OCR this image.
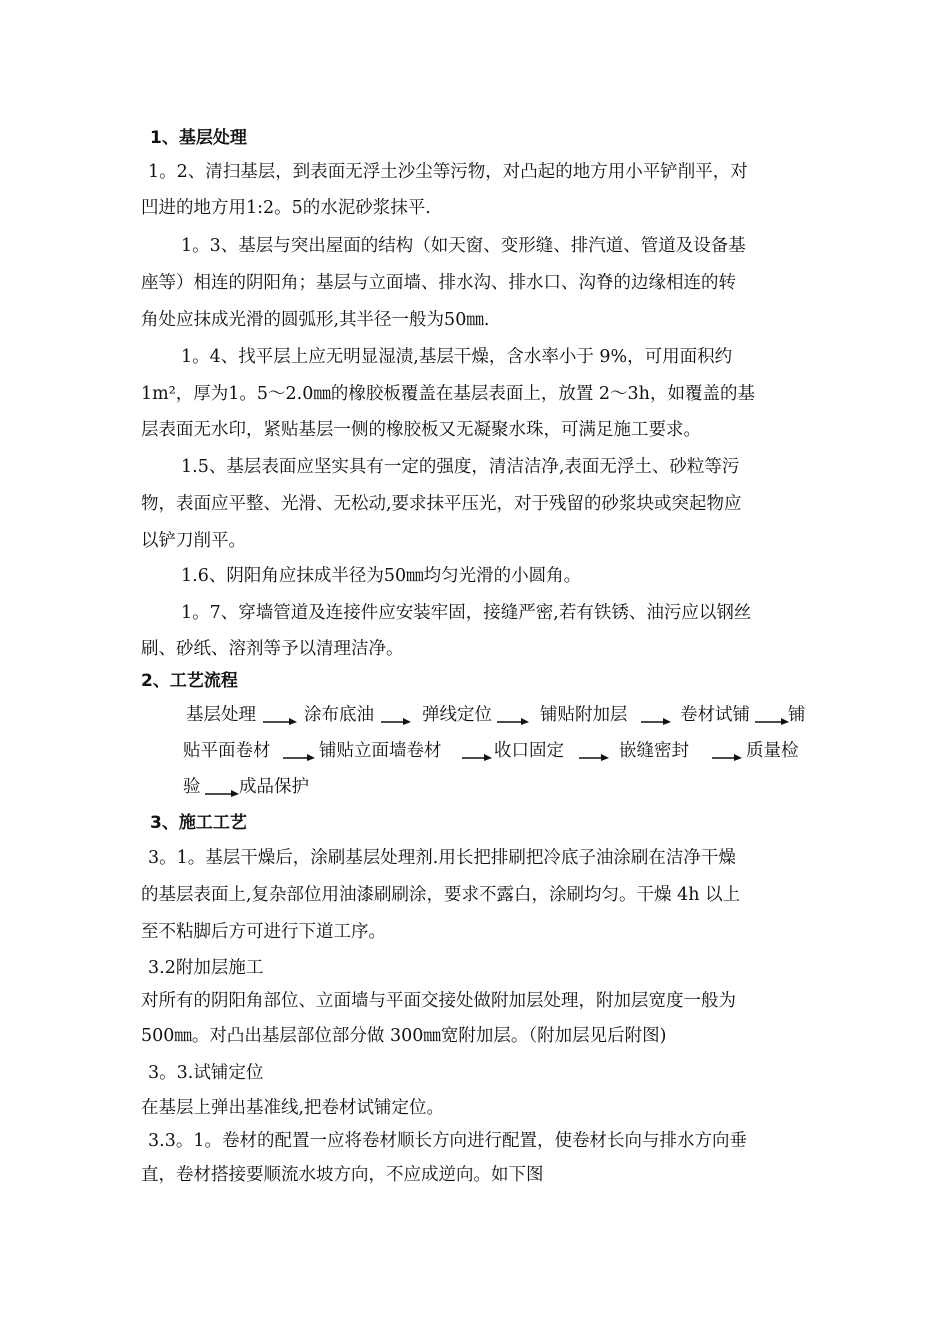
1、基层处理
1。2、清扫基层，到表面无浮土沙尘等污物，对凸起的地方用小平铲削平，对
凹进的地方用1:2。5的水泥砂浆抹平.
1。3、基层与突出屋面的结构（如天窗、变形缝、排汽道、管道及设备基
座等）相连的阴阳角；基层与立面墙、排水沟、排水口、沟脊的边缘相连的转
角处应抹成光滑的圆弧形,其半径一般为50㎜.
1。4、找平层上应无明显湿渍,基层干燥，含水率小于 9%，可用面积约
1m²，厚为1。5～2.0㎜的橡胶板覆盖在基层表面上，放置 2～3h，如覆盖的基
层表面无水印，紧贴基层一侧的橡胶板又无凝聚水珠，可满足施工要求。
1.5、基层表面应坚实具有一定的强度，清洁洁净,表面无浮土、砂粒等污
物，表面应平整、光滑、无松动,要求抹平压光，对于残留的砂浆块或突起物应
以铲刀削平。
1.6、阴阳角应抹成半径为50㎜均匀光滑的小圆角。
1。7、穿墙管道及连接件应安装牢固，接缝严密,若有铁锈、油污应以钢丝
刷、砂纸、溶剂等予以清理洁净。
2、工艺流程
基层处理	涂布底油	弹线定位	铺贴附加层	卷材试铺 铺
贴平面卷材	铺贴立面墙卷材	收口固定	嵌缝密封	质量检
验 成品保护
3、施工工艺
3。1。基层干燥后，涂刷基层处理剂.用长把排刷把冷底子油涂刷在洁净干燥
的基层表面上,复杂部位用油漆刷刷涂，要求不露白，涂刷均匀。干燥 4h 以上
至不粘脚后方可进行下道工序。
3.2附加层施工
对所有的阴阳角部位、立面墙与平面交接处做附加层处理，附加层宽度一般为
500㎜。对凸出基层部位部分做 300㎜宽附加层。（附加层见后附图)
3。3.试铺定位
在基层上弹出基准线,把卷材试铺定位。
3.3。1。卷材的配置一应将卷材顺长方向进行配置，使卷材长向与排水方向垂
直，卷材搭接要顺流水坡方向，不应成逆向。如下图
